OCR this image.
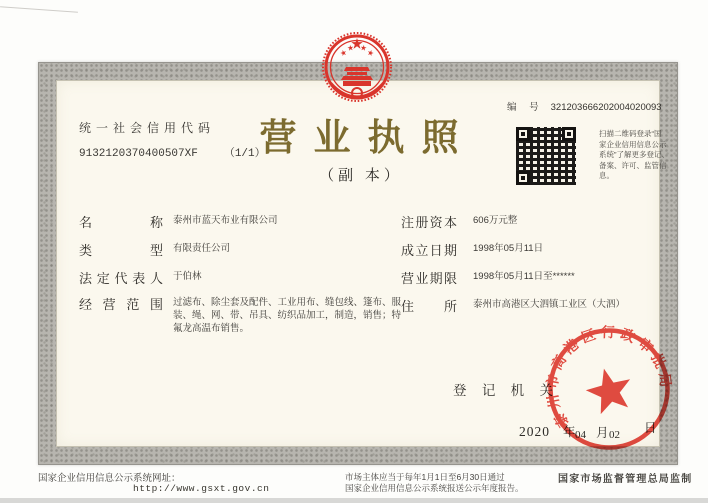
统一社会信用代码
9132120370400507XF （1/1）
营业执照
（副 本）
编 号 321203666202004020093
扫描二维码登录“国
家企业信用信息公示
系统”了解更多登记、
备案、许可、监管信息。
名称 泰州市蓝天布业有限公司
类型 有限责任公司
法定代表人 于伯林
经营范围 过滤布、除尘套及配件、工业用布、缝包线、篷布、服装、绳、网、带、吊具、纺织品加工，制造，销售；特氟龙高温布销售。
注册资本 606万元整
成立日期 1998年05月11日
营业期限 1998年05月11日至******
住所 泰州市高港区大泗镇工业区（大泗）
登记机关
泰州市高港区行政审批局
2020 年 04 月 02 日
国家企业信用信息公示系统网址：
http://www.gsxt.gov.cn
市场主体应当于每年1月1日至6月30日通过
国家企业信用信息公示系统报送公示年度报告。
国家市场监督管理总局监制
